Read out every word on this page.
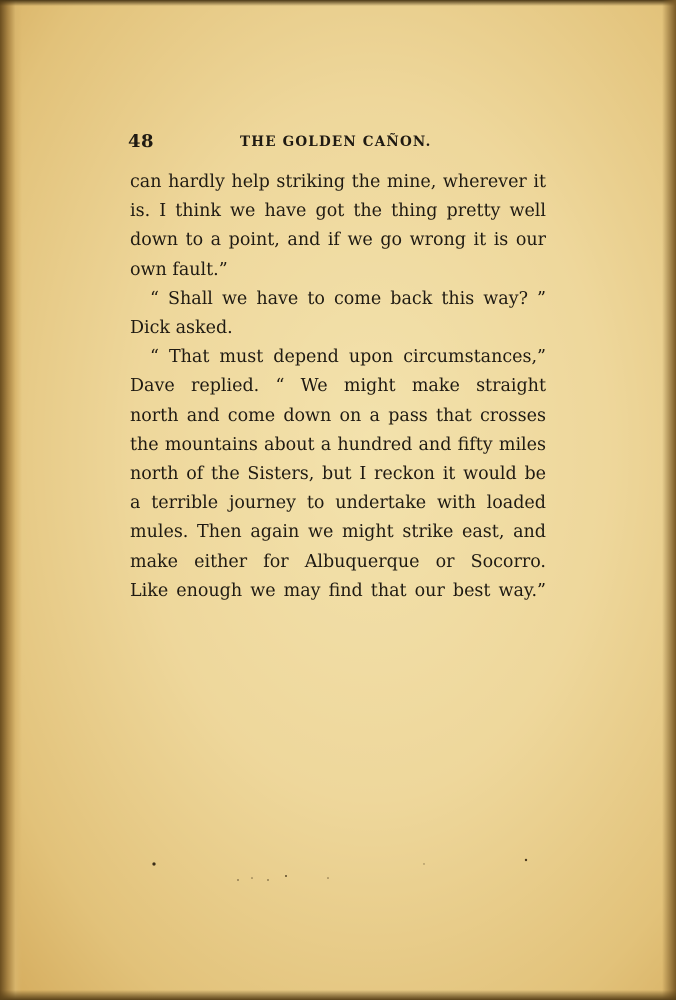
48	THE GOLDEN CAÑON.
can hardly help striking the mine, wherever it
is. I think we have got the thing pretty well
down to a point, and if we go wrong it is our
own fault.”
“ Shall we have to come back this way? ”
Dick asked.
“ That must depend upon circumstances,”
Dave replied. “ We might make straight
north and come down on a pass that crosses
the mountains about a hundred and fifty miles
north of the Sisters, but I reckon it would be
a terrible journey to undertake with loaded
mules. Then again we might strike east, and
make either for Albuquerque or Socorro.
Like enough we may find that our best way.”
